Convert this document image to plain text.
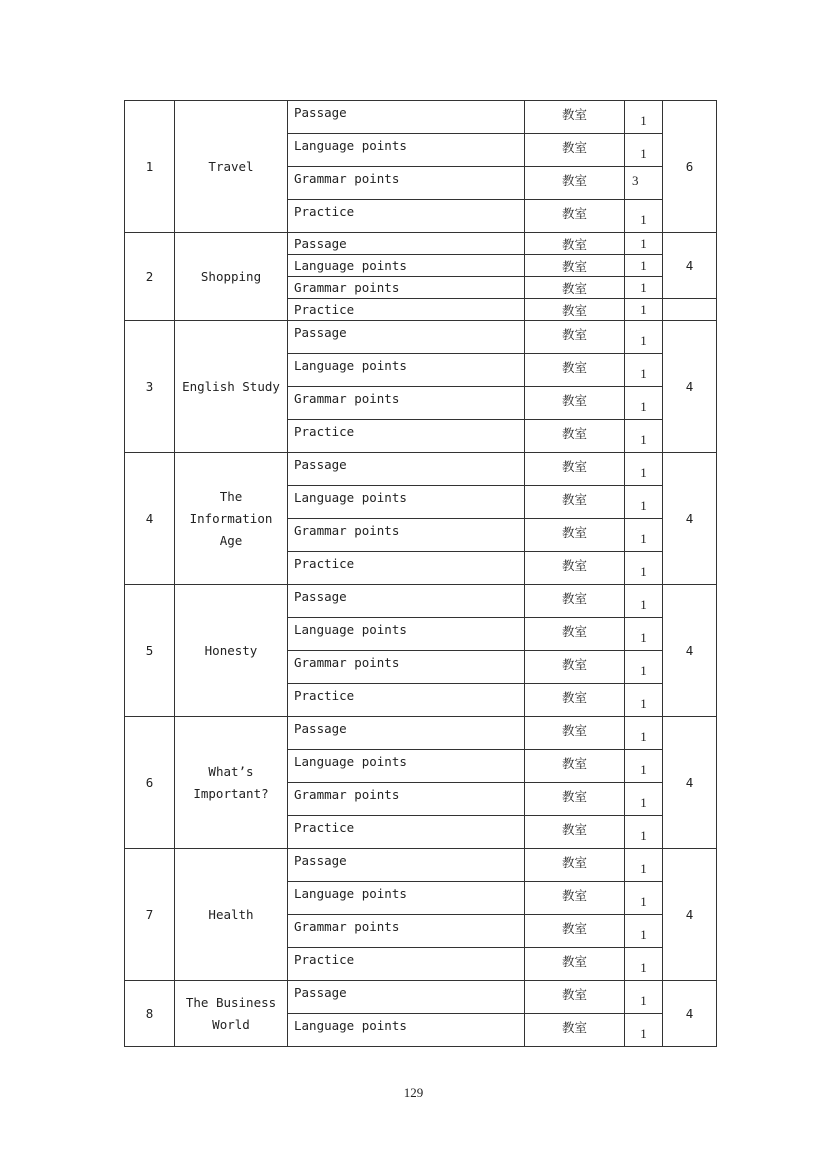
1	Travel	Passage	教室	1	6
		Language points	教室	1	
		Grammar points	教室	3	
		Practice	教室	1	
2	Shopping	Passage	教室	1	4
		Language points	教室	1	
		Grammar points	教室	1	
		Practice	教室	1	
3	English Study	Passage	教室	1	4
		Language points	教室	1	
		Grammar points	教室	1	
		Practice	教室	1	
4	The
Information
Age	Passage	教室	1	4
		Language points	教室	1	
		Grammar points	教室	1	
		Practice	教室	1	
5	Honesty	Passage	教室	1	4
		Language points	教室	1	
		Grammar points	教室	1	
		Practice	教室	1	
6	What’s
Important?	Passage	教室	1	4
		Language points	教室	1	
		Grammar points	教室	1	
		Practice	教室	1	
7	Health	Passage	教室	1	4
		Language points	教室	1	
		Grammar points	教室	1	
		Practice	教室	1	
8	The Business
World	Passage	教室	1	4
		Language points	教室	1	
129
